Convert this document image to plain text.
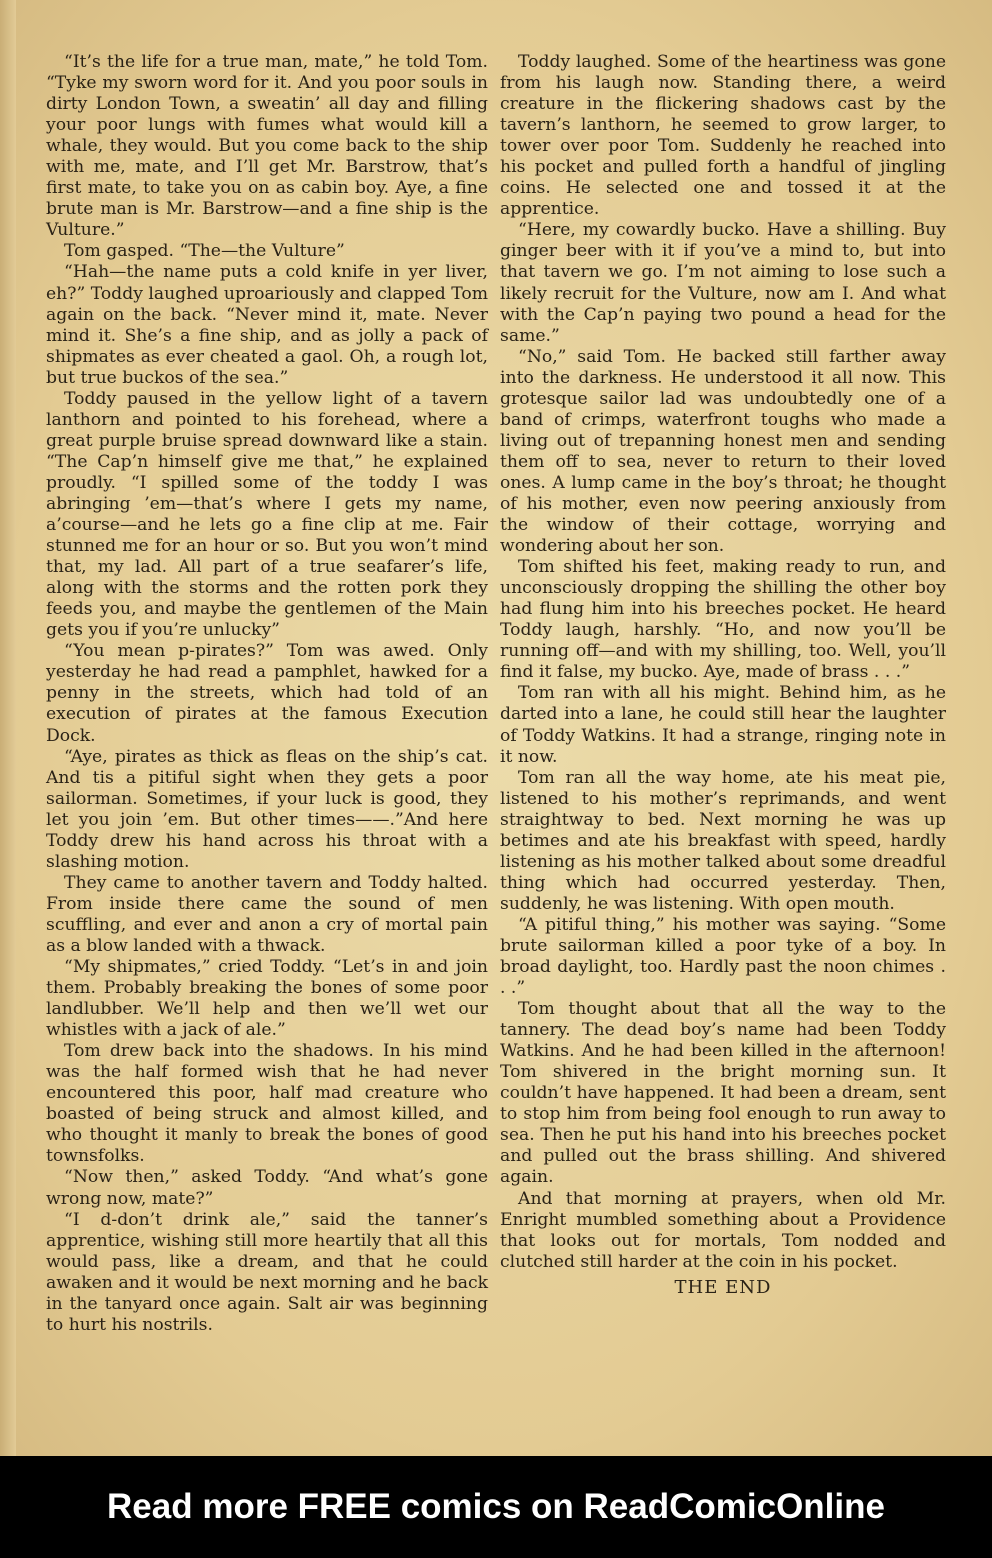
“It’s the life for a true man, mate,” he told Tom. “Tyke my sworn word for it. And you poor souls in dirty London Town, a sweatin’ all day and filling your poor lungs with fumes what would kill a whale, they would. But you come back to the ship with me, mate, and I’ll get Mr. Barstrow, that’s first mate, to take you on as cabin boy. Aye, a fine brute man is Mr. Barstrow—and a fine ship is the Vulture.”

Tom gasped. “The—the Vulture”

“Hah—the name puts a cold knife in yer liver, eh?” Toddy laughed uproariously and clapped Tom again on the back. “Never mind it, mate. Never mind it. She’s a fine ship, and as jolly a pack of shipmates as ever cheated a gaol. Oh, a rough lot, but true buckos of the sea.”

Toddy paused in the yellow light of a tavern lanthorn and pointed to his forehead, where a great purple bruise spread downward like a stain. “The Cap’n himself give me that,” he explained proudly. “I spilled some of the toddy I was abringing ’em—that’s where I gets my name, a’course—and he lets go a fine clip at me. Fair stunned me for an hour or so. But you won’t mind that, my lad. All part of a true seafarer’s life, along with the storms and the rotten pork they feeds you, and maybe the gentlemen of the Main gets you if you’re unlucky”

“You mean p-pirates?” Tom was awed. Only yesterday he had read a pamphlet, hawked for a penny in the streets, which had told of an execution of pirates at the famous Execution Dock.

“Aye, pirates as thick as fleas on the ship’s cat. And tis a pitiful sight when they gets a poor sailorman. Sometimes, if your luck is good, they let you join ’em. But other times——.”And here Toddy drew his hand across his throat with a slashing motion.

They came to another tavern and Toddy halted. From inside there came the sound of men scuffling, and ever and anon a cry of mortal pain as a blow landed with a thwack.

“My shipmates,” cried Toddy. “Let’s in and join them. Probably breaking the bones of some poor landlubber. We’ll help and then we’ll wet our whistles with a jack of ale.”

Tom drew back into the shadows. In his mind was the half formed wish that he had never encountered this poor, half mad creature who boasted of being struck and almost killed, and who thought it manly to break the bones of good townsfolks.

“Now then,” asked Toddy. “And what’s gone wrong now, mate?”

“I d-don’t drink ale,” said the tanner’s apprentice, wishing still more heartily that all this would pass, like a dream, and that he could awaken and it would be next morning and he back in the tanyard once again. Salt air was beginning to hurt his nostrils.

Toddy laughed. Some of the heartiness was gone from his laugh now. Standing there, a weird creature in the flickering shadows cast by the tavern’s lanthorn, he seemed to grow larger, to tower over poor Tom. Suddenly he reached into his pocket and pulled forth a handful of jingling coins. He selected one and tossed it at the apprentice.

“Here, my cowardly bucko. Have a shilling. Buy ginger beer with it if you’ve a mind to, but into that tavern we go. I’m not aiming to lose such a likely recruit for the Vulture, now am I. And what with the Cap’n paying two pound a head for the same.”

“No,” said Tom. He backed still farther away into the darkness. He understood it all now. This grotesque sailor lad was undoubtedly one of a band of crimps, waterfront toughs who made a living out of trepanning honest men and sending them off to sea, never to return to their loved ones. A lump came in the boy’s throat; he thought of his mother, even now peering anxiously from the window of their cottage, worrying and wondering about her son.

Tom shifted his feet, making ready to run, and unconsciously dropping the shilling the other boy had flung him into his breeches pocket. He heard Toddy laugh, harshly. “Ho, and now you’ll be running off—and with my shilling, too. Well, you’ll find it false, my bucko. Aye, made of brass . . .”

Tom ran with all his might. Behind him, as he darted into a lane, he could still hear the laughter of Toddy Watkins. It had a strange, ringing note in it now.

Tom ran all the way home, ate his meat pie, listened to his mother’s reprimands, and went straightway to bed. Next morning he was up betimes and ate his breakfast with speed, hardly listening as his mother talked about some dreadful thing which had occurred yesterday. Then, suddenly, he was listening. With open mouth.

“A pitiful thing,” his mother was saying. “Some brute sailorman killed a poor tyke of a boy. In broad daylight, too. Hardly past the noon chimes . . .”

Tom thought about that all the way to the tannery. The dead boy’s name had been Toddy Watkins. And he had been killed in the afternoon! Tom shivered in the bright morning sun. It couldn’t have happened. It had been a dream, sent to stop him from being fool enough to run away to sea. Then he put his hand into his breeches pocket and pulled out the brass shilling. And shivered again.

And that morning at prayers, when old Mr. Enright mumbled something about a Providence that looks out for mortals, Tom nodded and clutched still harder at the coin in his pocket.

THE END

Read more FREE comics on ReadComicOnline
